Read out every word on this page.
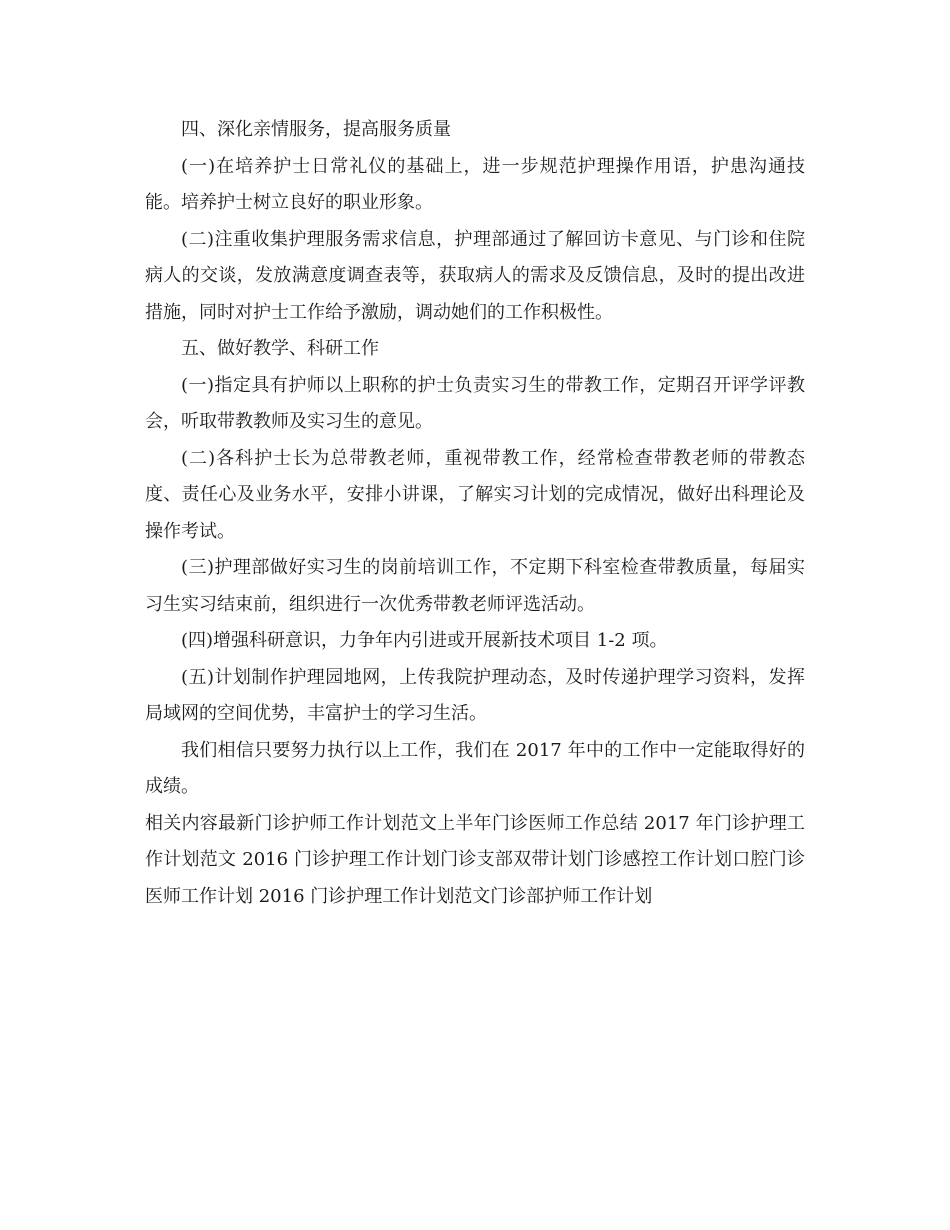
四、深化亲情服务，提高服务质量

(一)在培养护士日常礼仪的基础上，进一步规范护理操作用语，护患沟通技能。培养护士树立良好的职业形象。

(二)注重收集护理服务需求信息，护理部通过了解回访卡意见、与门诊和住院病人的交谈，发放满意度调查表等，获取病人的需求及反馈信息，及时的提出改进措施，同时对护士工作给予激励，调动她们的工作积极性。

五、做好教学、科研工作

(一)指定具有护师以上职称的护士负责实习生的带教工作，定期召开评学评教会，听取带教教师及实习生的意见。

(二)各科护士长为总带教老师，重视带教工作，经常检查带教老师的带教态度、责任心及业务水平，安排小讲课，了解实习计划的完成情况，做好出科理论及操作考试。

(三)护理部做好实习生的岗前培训工作，不定期下科室检查带教质量，每届实习生实习结束前，组织进行一次优秀带教老师评选活动。

(四)增强科研意识，力争年内引进或开展新技术项目 1-2 项。

(五)计划制作护理园地网，上传我院护理动态，及时传递护理学习资料，发挥局域网的空间优势，丰富护士的学习生活。

我们相信只要努力执行以上工作，我们在 2017 年中的工作中一定能取得好的成绩。

相关内容最新门诊护师工作计划范文上半年门诊医师工作总结 2017 年门诊护理工作计划范文 2016 门诊护理工作计划门诊支部双带计划门诊感控工作计划口腔门诊医师工作计划 2016 门诊护理工作计划范文门诊部护师工作计划
